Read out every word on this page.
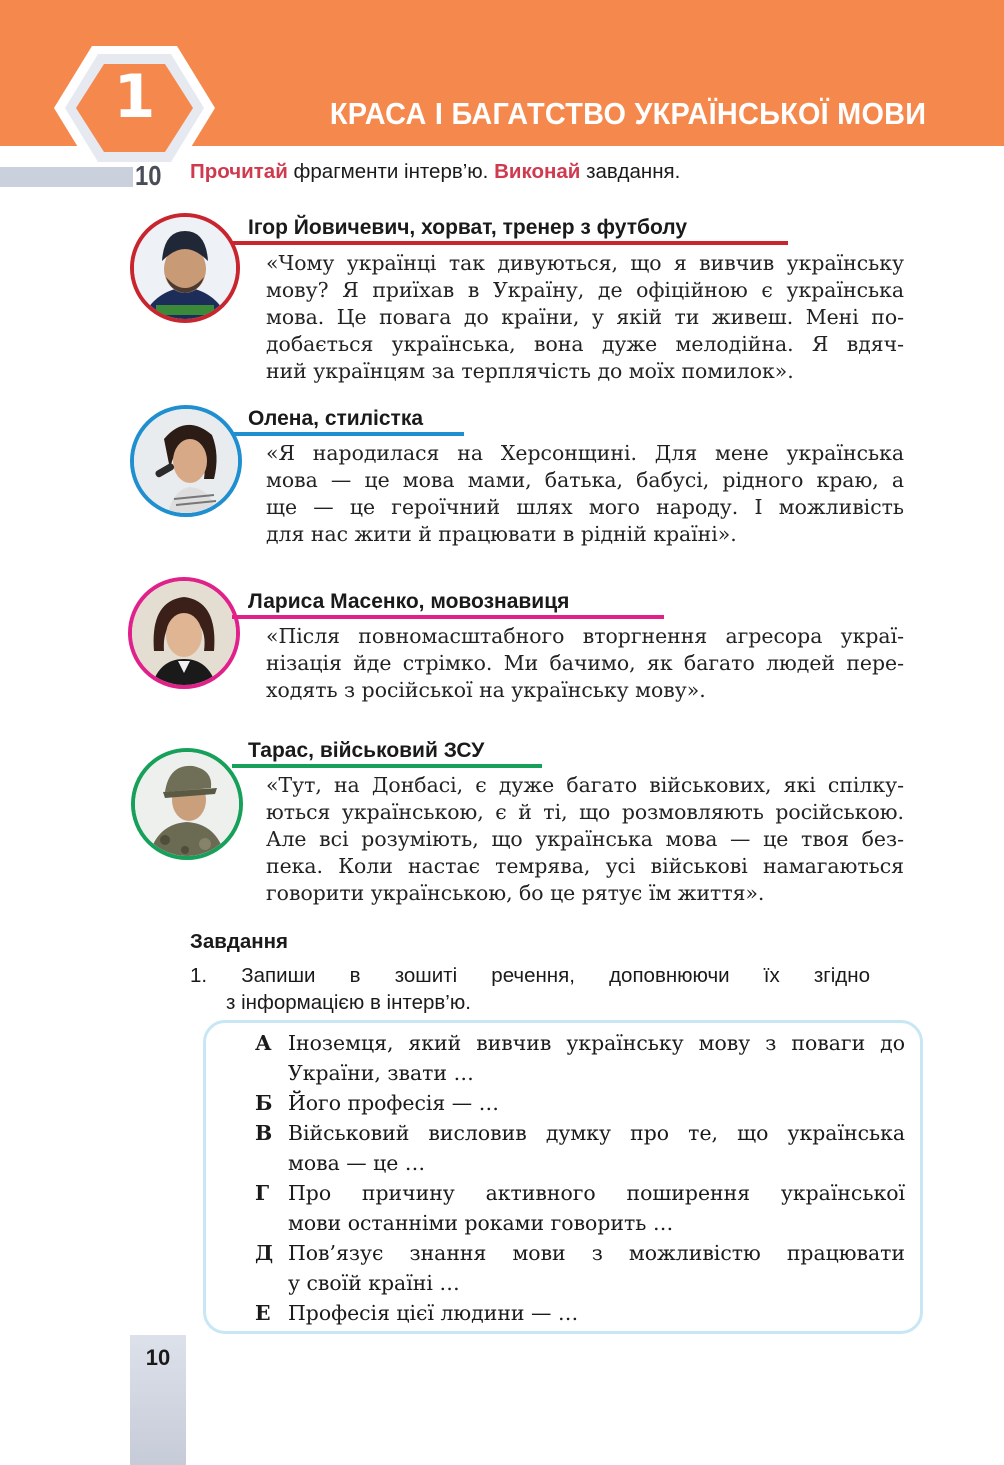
1	КРАСА І БАГАТСТВО УКРАЇНСЬКОЇ МОВИ
10 Прочитай фрагменти інтерв’ю. Виконай завдання.
Ігор Йовичевич, хорват, тренер з футболу
«Чому українці так дивуються, що я вивчив українську
мову? Я приїхав в Україну, де офіційною є українська
мова. Це повага до країни, у якій ти живеш. Мені по-
добається українська, вона дуже мелодійна. Я вдяч-
ний українцям за терплячість до моїх помилок».
Олена, стилістка
«Я народилася на Херсонщині. Для мене українська
мова — це мова мами, батька, бабусі, рідного краю, а
ще — це героїчний шлях мого народу. І можливість
для нас жити й працювати в рідній країні».
Лариса Масенко, мовознавиця
«Після повномасштабного вторгнення агресора украї-
нізація йде стрімко. Ми бачимо, як багато людей пере-
ходять з російської на українську мову».
Тарас, військовий ЗСУ
«Тут, на Донбасі, є дуже багато військових, які спілку-
ються українською, є й ті, що розмовляють російською.
Але всі розуміють, що українська мова — це твоя без-
пека. Коли настає темрява, усі військові намагаються
говорити українською, бо це рятує їм життя».
Завдання
1. Запиши в зошиті речення, доповнюючи їх згідно
з інформацією в інтерв’ю.
А Іноземця, який вивчив українську мову з поваги до
України, звати …
Б Його професія — …
В Військовий висловив думку про те, що українська
мова — це …
Г Про причину активного поширення української
мови останніми роками говорить …
Д Пов’язує знання мови з можливістю працювати
у своїй країні …
Е Професія цієї людини — …
10
